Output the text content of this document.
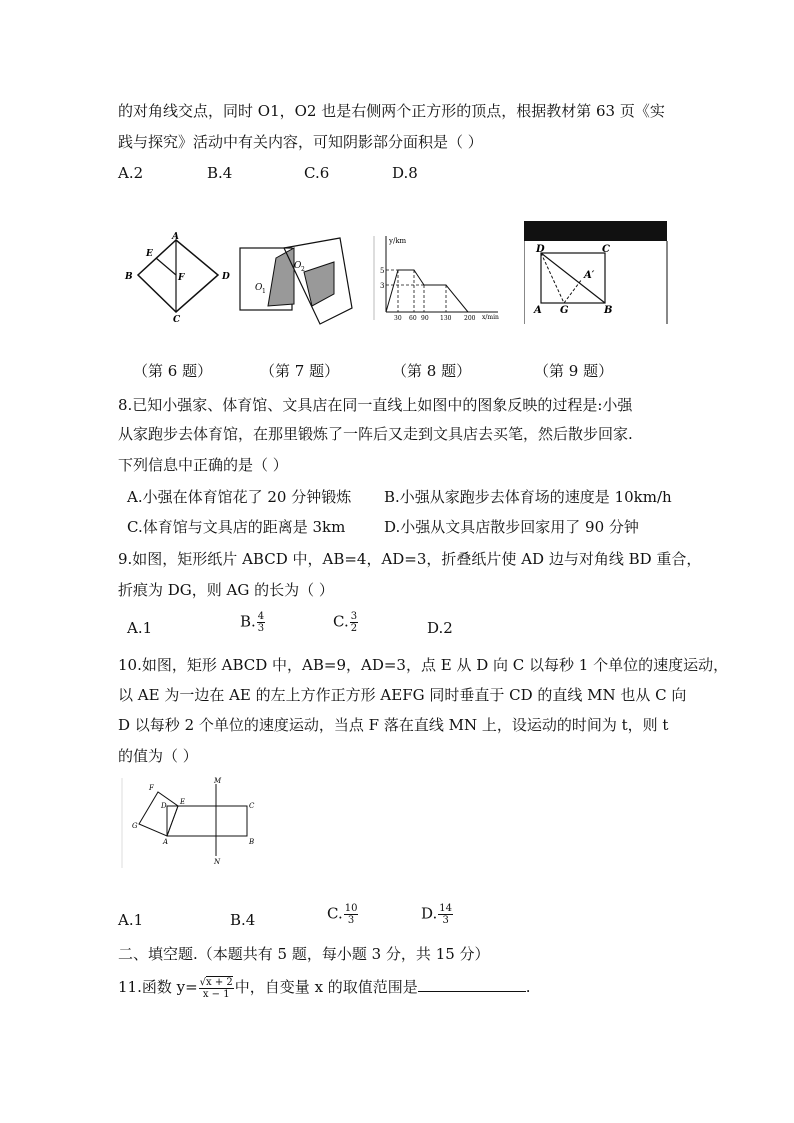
的对角线交点，同时 O1，O2 也是右侧两个正方形的顶点，根据教材第 63 页《实
践与探究》活动中有关内容，可知阴影部分面积是（ ）
A.2	B.4	C.6	D.8
A
B
C
D
E
F
O 1
O 2
y/km
x/min
5
3
30 60 90 130 200
D	C
A G	B
A′
（第 6 题）	（第 7 题）	（第 8 题）	（第 9 题）
8.已知小强家、体育馆、文具店在同一直线上如图中的图象反映的过程是:小强
从家跑步去体育馆，在那里锻炼了一阵后又走到文具店去买笔，然后散步回家.
下列信息中正确的是（ ）
A.小强在体育馆花了 20 分钟锻炼 B.小强从家跑步去体育场的速度是 10km/h
C.体育馆与文具店的距离是 3km	D.小强从文具店散步回家用了 90 分钟
9.如图，矩形纸片 ABCD 中，AB=4，AD=3，折叠纸片使 AD 边与对角线 BD 重合，
折痕为 DG，则 AG 的长为（ ）
A.1	B. $\frac{4}{3}$	C. $\frac{3}{2}$	D.2
10.如图，矩形 ABCD 中，AB=9，AD=3，点 E 从 D 向 C 以每秒 1 个单位的速度运动，
以 AE 为一边在 AE 的左上方作正方形 AEFG 同时垂直于 CD 的直线 MN 也从 C 向
D 以每秒 2 个单位的速度运动，当点 F 落在直线 MN 上，设运动的时间为 t，则 t
的值为（ ）
F
D E
G
A
M
N
C
B
A.1	B.4	C. $\frac{10}{3}$	D. $\frac{14}{3}$
二、填空题.（本题共有 5 题，每小题 3 分，共 15 分）
11.函数 $y= \frac{√x + 2}{x - 1}$ 中，自变量 x 的取值范围是	.
